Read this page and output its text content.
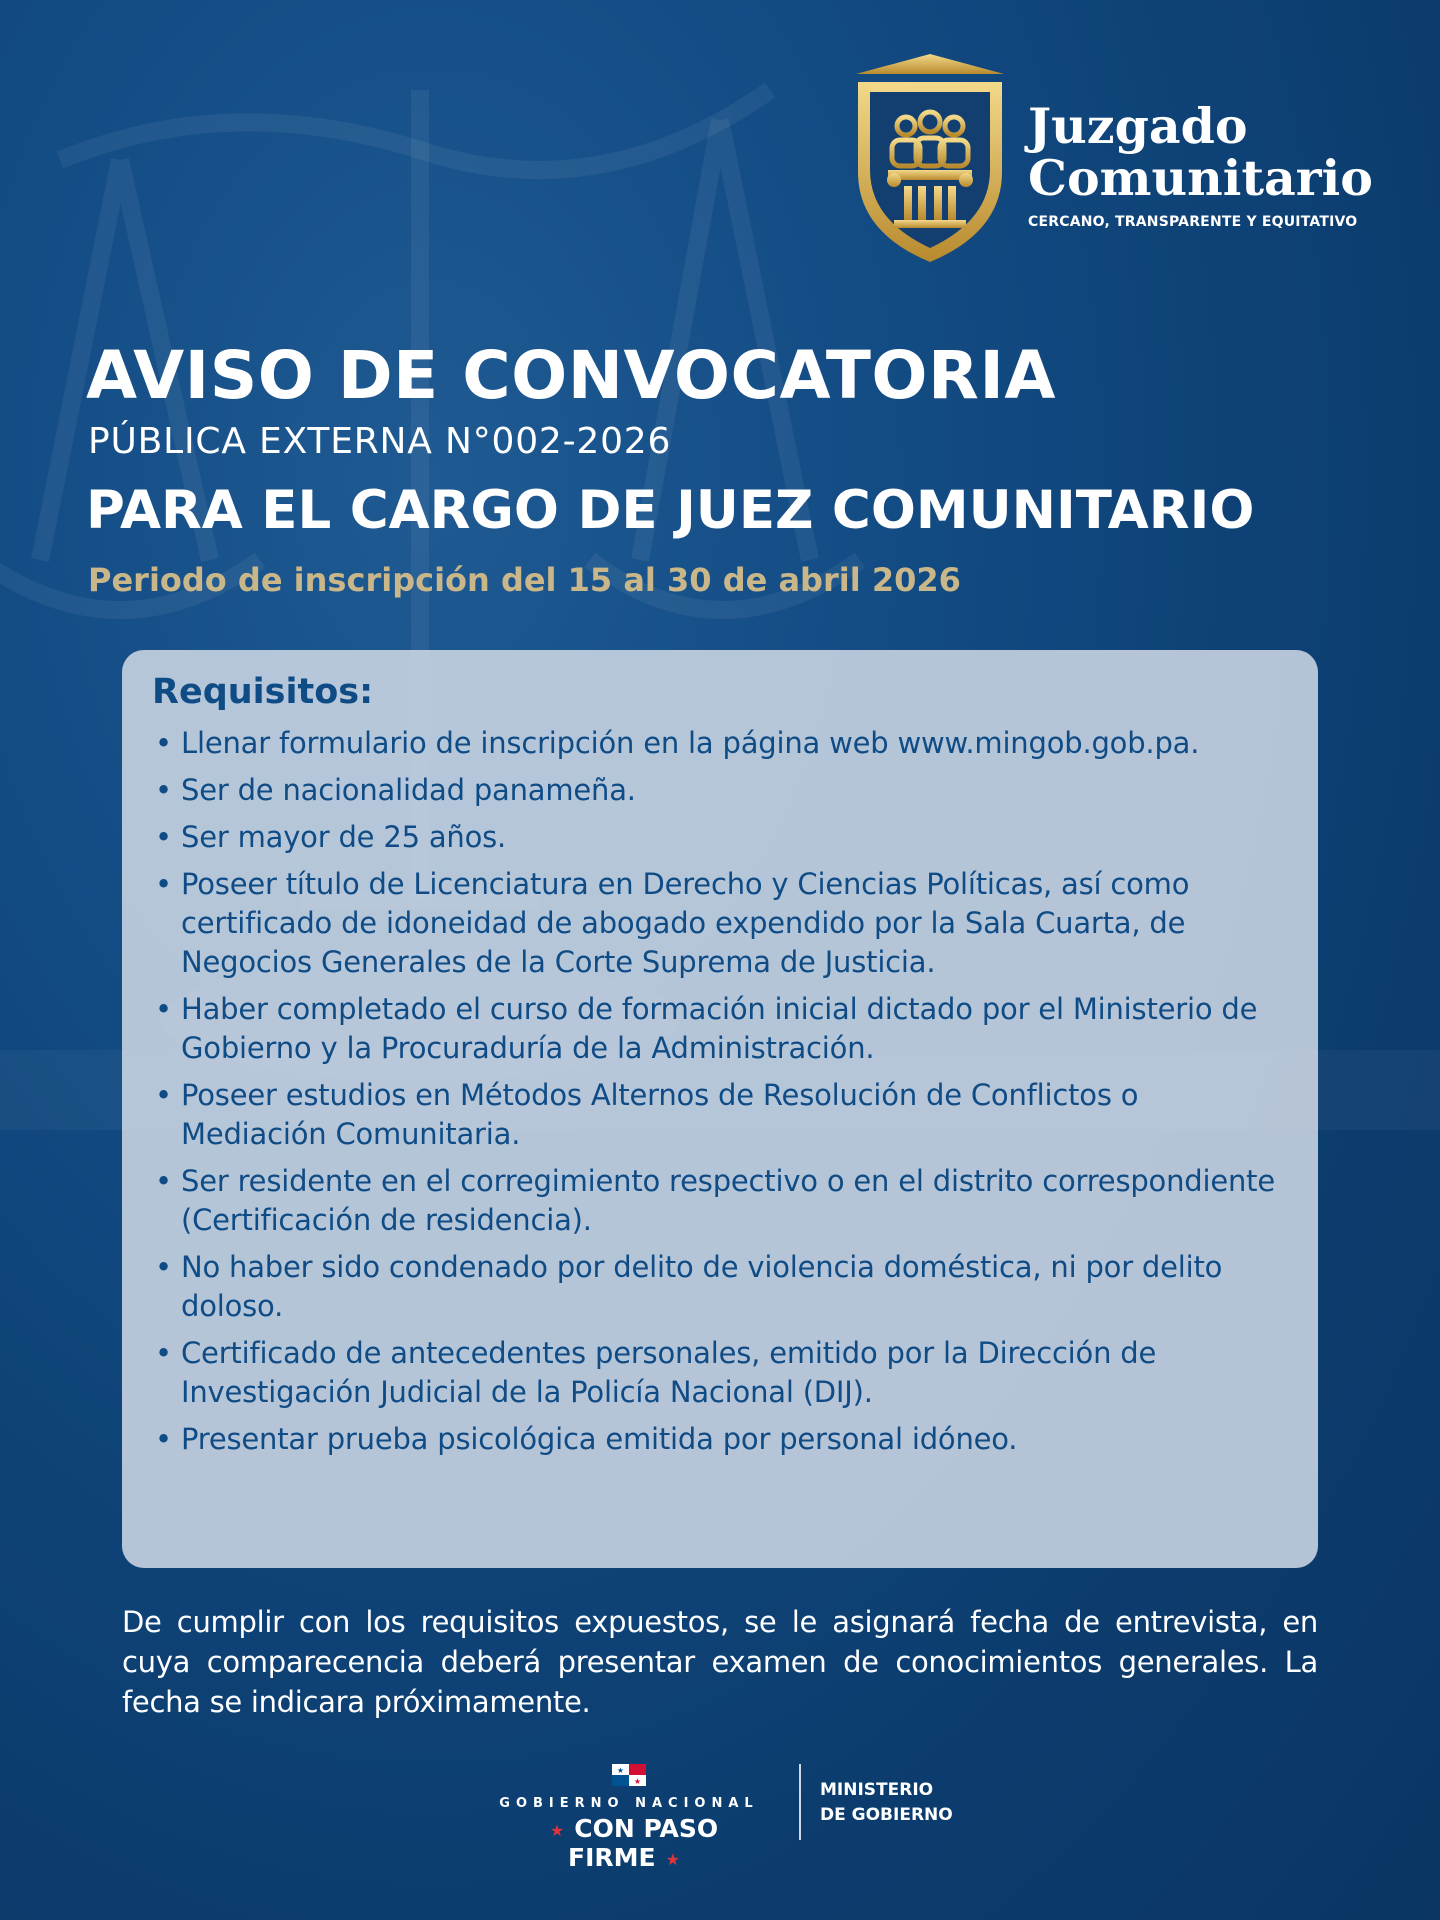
Juzgado
Comunitario
CERCANO, TRANSPARENTE Y EQUITATIVO
AVISO DE CONVOCATORIA
PÚBLICA EXTERNA N°002-2026
PARA EL CARGO DE JUEZ COMUNITARIO
Periodo de inscripción del 15 al 30 de abril 2026
Requisitos:
• Llenar formulario de inscripción en la página web www.mingob.gob.pa.
• Ser de nacionalidad panameña.
• Ser mayor de 25 años.
• Poseer título de Licenciatura en Derecho y Ciencias Políticas, así como certificado de idoneidad de abogado expendido por la Sala Cuarta, de Negocios Generales de la Corte Suprema de Justicia.
• Haber completado el curso de formación inicial dictado por el Ministerio de Gobierno y la Procuraduría de la Administración.
• Poseer estudios en Métodos Alternos de Resolución de Conflictos o Mediación Comunitaria.
• Ser residente en el corregimiento respectivo o en el distrito correspondiente (Certificación de residencia).
• No haber sido condenado por delito de violencia doméstica, ni por delito doloso.
• Certificado de antecedentes personales, emitido por la Dirección de Investigación Judicial de la Policía Nacional (DIJ).
• Presentar prueba psicológica emitida por personal idóneo.

De cumplir con los requisitos expuestos, se le asignará fecha de entrevista, en cuya comparecencia deberá presentar examen de conocimientos generales. La fecha se indicara próximamente.

★
★
GOBIERNO NACIONAL
★ CON PASO FIRME ★
MINISTERIO
DE GOBIERNO
